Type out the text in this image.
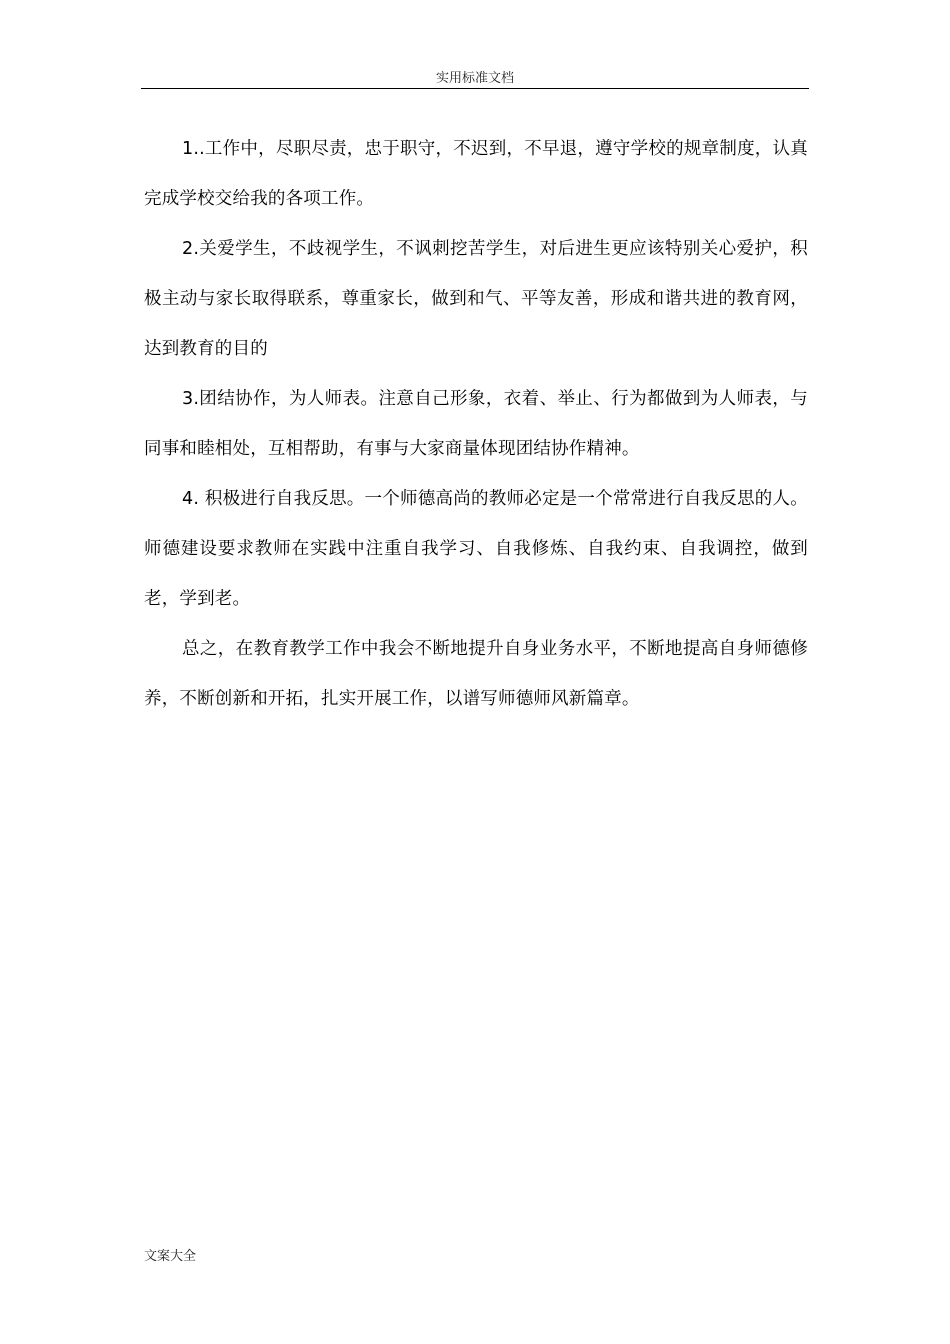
实用标准文档

1..工作中，尽职尽责，忠于职守，不迟到，不早退，遵守学校的规章制度，认真完成学校交给我的各项工作。

2.关爱学生，不歧视学生，不讽刺挖苦学生，对后进生更应该特别关心爱护，积极主动与家长取得联系，尊重家长，做到和气、平等友善，形成和谐共进的教育网，达到教育的目的

3.团结协作，为人师表。注意自己形象，衣着、举止、行为都做到为人师表，与同事和睦相处，互相帮助，有事与大家商量体现团结协作精神。

4. 积极进行自我反思。一个师德高尚的教师必定是一个常常进行自我反思的人。师德建设要求教师在实践中注重自我学习、自我修炼、自我约束、自我调控，做到老，学到老。

总之，在教育教学工作中我会不断地提升自身业务水平，不断地提高自身师德修养，不断创新和开拓，扎实开展工作，以谱写师德师风新篇章。

文案大全
